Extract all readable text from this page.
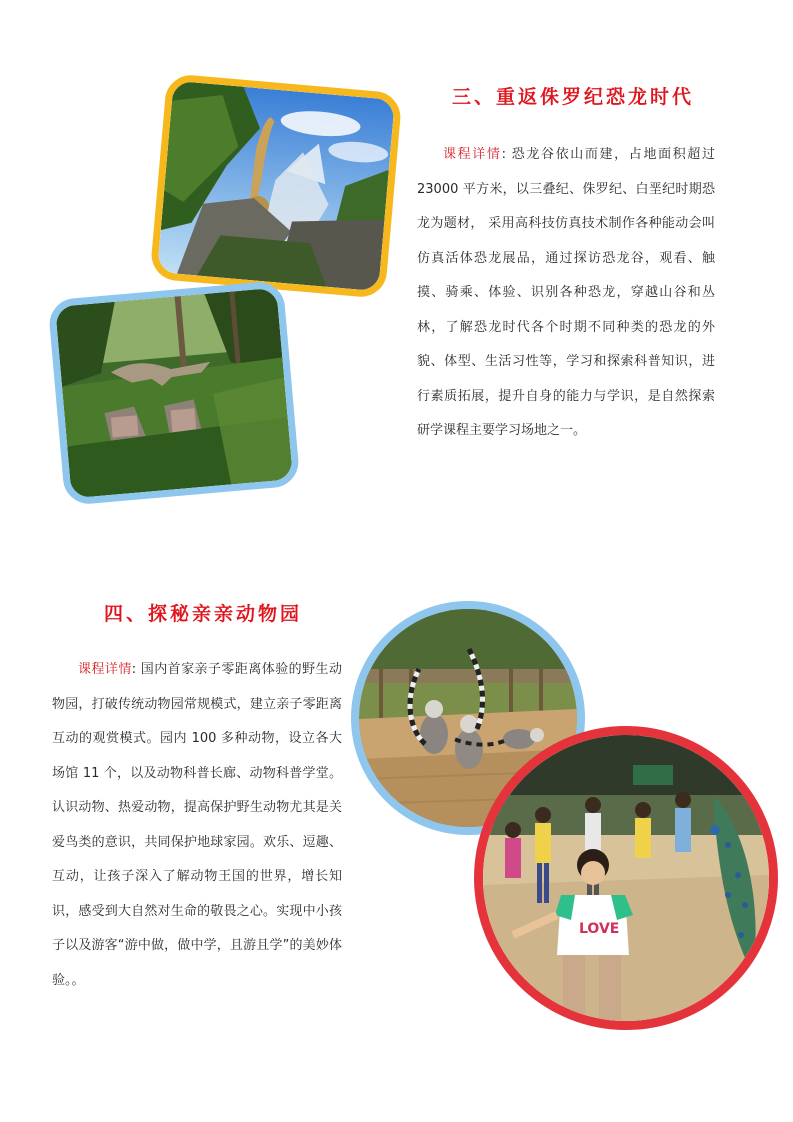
三、重返侏罗纪恐龙时代
课程详情: 恐龙谷依山而建，占地面积超过23000 平方米，以三叠纪、侏罗纪、白垩纪时期恐龙为题材， 采用高科技仿真技术制作各种能动会叫仿真活体恐龙展品，通过探访恐龙谷，观看、触摸、骑乘、体验、识别各种恐龙，穿越山谷和丛林，了解恐龙时代各个时期不同种类的恐龙的外貌、体型、生活习性等，学习和探索科普知识，进行素质拓展，提升自身的能力与学识，是自然探索研学课程主要学习场地之一。
四、探秘亲亲动物园
课程详情: 国内首家亲子零距离体验的野生动物园，打破传统动物园常规模式，建立亲子零距离互动的观赏模式。园内 100 多种动物，设立各大场馆 11 个，以及动物科普长廊、动物科普学堂。认识动物、热爱动物，提高保护野生动物尤其是关爱鸟类的意识，共同保护地球家园。欢乐、逗趣、互动，让孩子深入了解动物王国的世界，增长知识，感受到大自然对生命的敬畏之心。实现中小孩子以及游客“游中做，做中学，且游且学”的美妙体验。。
LOVE
